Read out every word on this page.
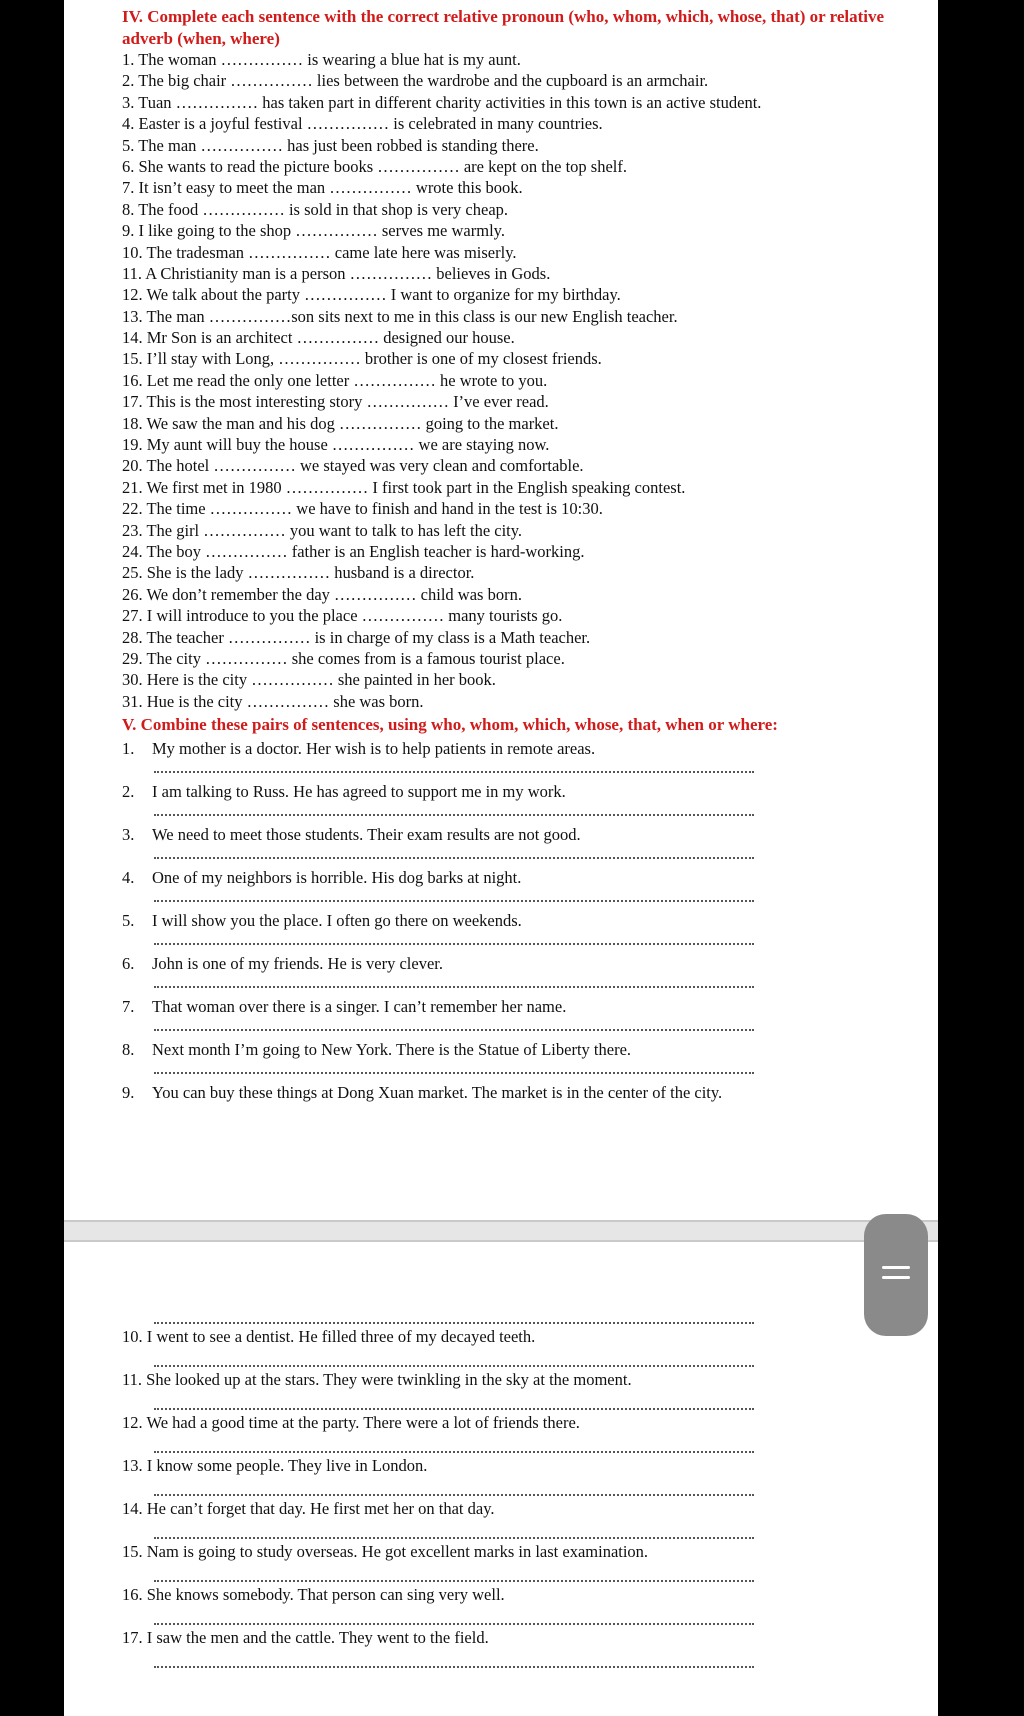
IV. Complete each sentence with the correct relative pronoun (who, whom, which, whose, that) or relative adverb (when, where)
1. The woman …………… is wearing a blue hat is my aunt.
2. The big chair …………… lies between the wardrobe and the cupboard is an armchair.
3. Tuan …………… has taken part in different charity activities in this town is an active student.
4. Easter is a joyful festival …………… is celebrated in many countries.
5. The man …………… has just been robbed is standing there.
6. She wants to read the picture books …………… are kept on the top shelf.
7. It isn’t easy to meet the man …………… wrote this book.
8. The food …………… is sold in that shop is very cheap.
9. I like going to the shop …………… serves me warmly.
10. The tradesman …………… came late here was miserly.
11. A Christianity man is a person …………… believes in Gods.
12. We talk about the party …………… I want to organize for my birthday.
13. The man ……………son sits next to me in this class is our new English teacher.
14. Mr Son is an architect …………… designed our house.
15. I’ll stay with Long, …………… brother is one of my closest friends.
16. Let me read the only one letter …………… he wrote to you.
17. This is the most interesting story …………… I’ve ever read.
18. We saw the man and his dog …………… going to the market.
19. My aunt will buy the house …………… we are staying now.
20. The hotel …………… we stayed was very clean and comfortable.
21. We first met in 1980 …………… I first took part in the English speaking contest.
22. The time …………… we have to finish and hand in the test is 10:30.
23. The girl …………… you want to talk to has left the city.
24. The boy …………… father is an English teacher is hard-working.
25. She is the lady …………… husband is a director.
26. We don’t remember the day …………… child was born.
27. I will introduce to you the place …………… many tourists go.
28. The teacher …………… is in charge of my class is a Math teacher.
29. The city …………… she comes from is a famous tourist place.
30. Here is the city …………… she painted in her book.
31. Hue is the city …………… she was born.
V. Combine these pairs of sentences, using who, whom, which, whose, that, when or where:
1. My mother is a doctor. Her wish is to help patients in remote areas.
2. I am talking to Russ. He has agreed to support me in my work.
3. We need to meet those students. Their exam results are not good.
4. One of my neighbors is horrible. His dog barks at night.
5. I will show you the place. I often go there on weekends.
6. John is one of my friends. He is very clever.
7. That woman over there is a singer. I can’t remember her name.
8. Next month I’m going to New York. There is the Statue of Liberty there.
9. You can buy these things at Dong Xuan market. The market is in the center of the city.
10. I went to see a dentist. He filled three of my decayed teeth.
11. She looked up at the stars. They were twinkling in the sky at the moment.
12. We had a good time at the party. There were a lot of friends there.
13. I know some people. They live in London.
14. He can’t forget that day. He first met her on that day.
15. Nam is going to study overseas. He got excellent marks in last examination.
16. She knows somebody. That person can sing very well.
17. I saw the men and the cattle. They went to the field.
